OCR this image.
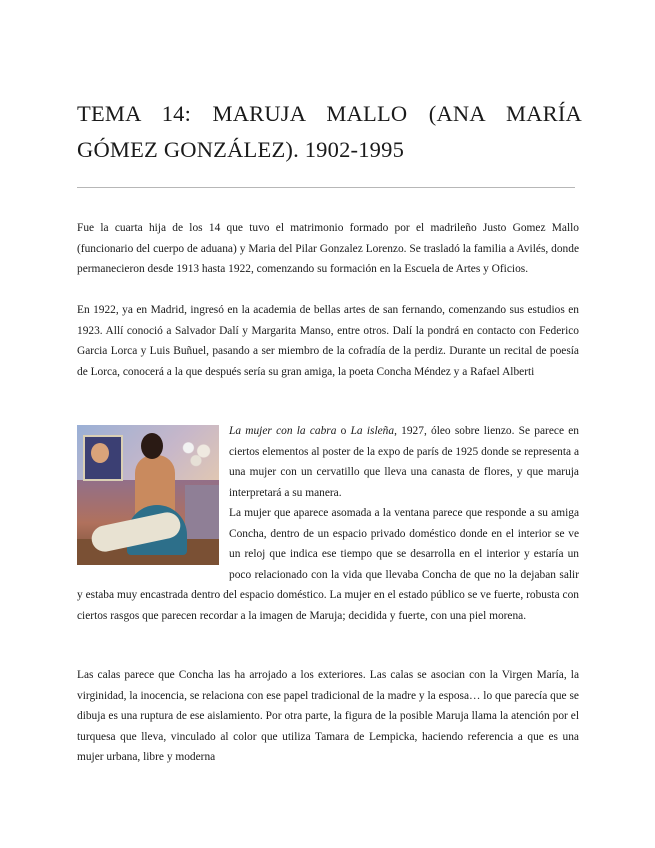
TEMA 14: MARUJA MALLO (ANA MARÍA GÓMEZ GONZÁLEZ). 1902-1995

Fue la cuarta hija de los 14 que tuvo el matrimonio formado por el madrileño Justo Gomez Mallo (funcionario del cuerpo de aduana) y Maria del Pilar Gonzalez Lorenzo. Se trasladó la familia a Avilés, donde permanecieron desde 1913 hasta 1922, comenzando su formación en la Escuela de Artes y Oficios.

En 1922, ya en Madrid, ingresó en la academia de bellas artes de san fernando, comenzando sus estudios en 1923. Allí conoció a Salvador Dalí y Margarita Manso, entre otros. Dalí la pondrá en contacto con Federico Garcia Lorca y Luis Buñuel, pasando a ser miembro de la cofradía de la perdiz. Durante un recital de poesía de Lorca, conocerá a la que después sería su gran amiga, la poeta Concha Méndez y a Rafael Alberti

La mujer con la cabra o La isleña, 1927, óleo sobre lienzo. Se parece en ciertos elementos al poster de la expo de parís de 1925 donde se representa a una mujer con un cervatillo que lleva una canasta de flores, y que maruja interpretará a su manera.
La mujer que aparece asomada a la ventana parece que responde a su amiga Concha, dentro de un espacio privado doméstico donde en el interior se ve un reloj que indica ese tiempo que se desarrolla en el interior y estaría un poco relacionado con la vida que llevaba Concha de que no la dejaban salir y estaba muy encastrada dentro del espacio doméstico. La mujer en el estado público se ve fuerte, robusta con ciertos rasgos que parecen recordar a la imagen de Maruja; decidida y fuerte, con una piel morena.

Las calas parece que Concha las ha arrojado a los exteriores. Las calas se asocian con la Virgen María, la virginidad, la inocencia, se relaciona con ese papel tradicional de la madre y la esposa… lo que parecía que se dibuja es una ruptura de ese aislamiento. Por otra parte, la figura de la posible Maruja llama la atención por el turquesa que lleva, vinculado al color que utiliza Tamara de Lempicka, haciendo referencia a que es una mujer urbana, libre y moderna
